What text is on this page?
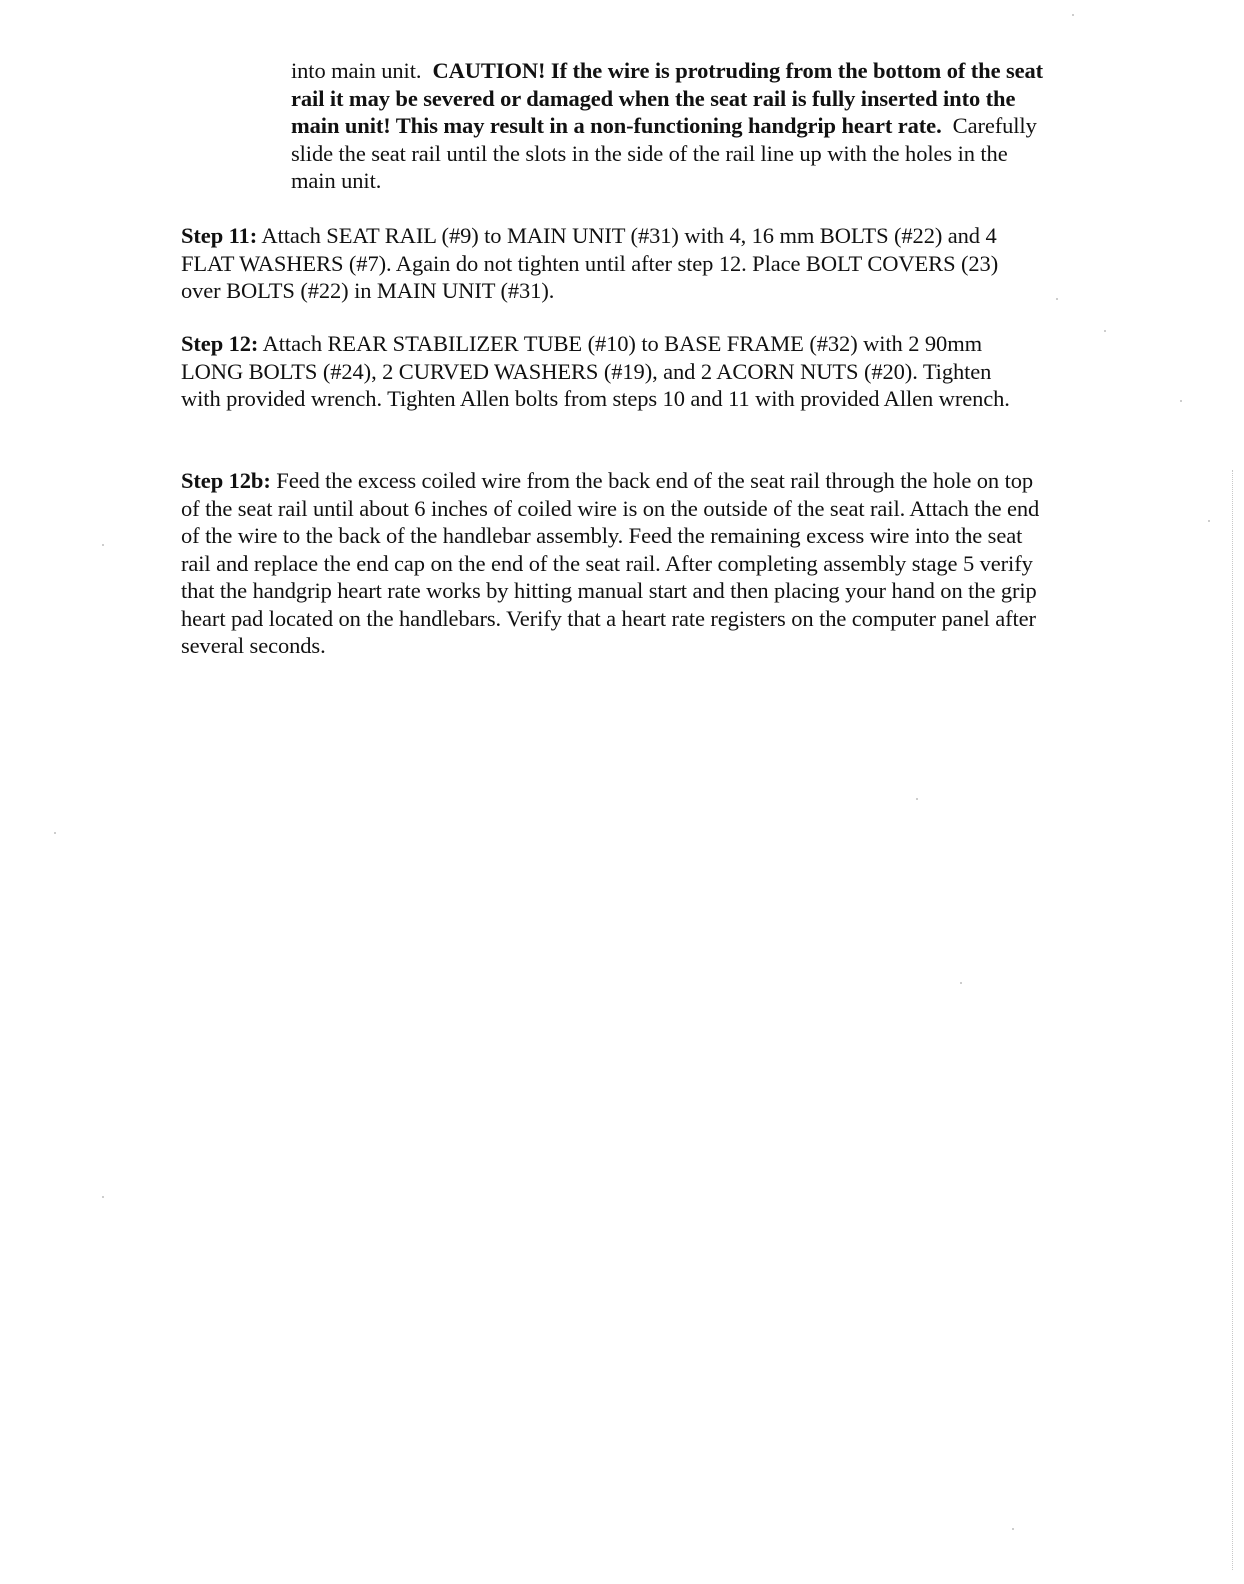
into main unit. CAUTION! If the wire is protruding from the bottom of the seat rail it may be severed or damaged when the seat rail is fully inserted into the main unit! This may result in a non-functioning handgrip heart rate. Carefully slide the seat rail until the slots in the side of the rail line up with the holes in the main unit.

Step 11: Attach SEAT RAIL (#9) to MAIN UNIT (#31) with 4, 16 mm BOLTS (#22) and 4 FLAT WASHERS (#7). Again do not tighten until after step 12. Place BOLT COVERS (23) over BOLTS (#22) in MAIN UNIT (#31).

Step 12: Attach REAR STABILIZER TUBE (#10) to BASE FRAME (#32) with 2 90mm LONG BOLTS (#24), 2 CURVED WASHERS (#19), and 2 ACORN NUTS (#20). Tighten with provided wrench. Tighten Allen bolts from steps 10 and 11 with provided Allen wrench.

Step 12b: Feed the excess coiled wire from the back end of the seat rail through the hole on top of the seat rail until about 6 inches of coiled wire is on the outside of the seat rail. Attach the end of the wire to the back of the handlebar assembly. Feed the remaining excess wire into the seat rail and replace the end cap on the end of the seat rail. After completing assembly stage 5 verify that the handgrip heart rate works by hitting manual start and then placing your hand on the grip heart pad located on the handlebars. Verify that a heart rate registers on the computer panel after several seconds.
